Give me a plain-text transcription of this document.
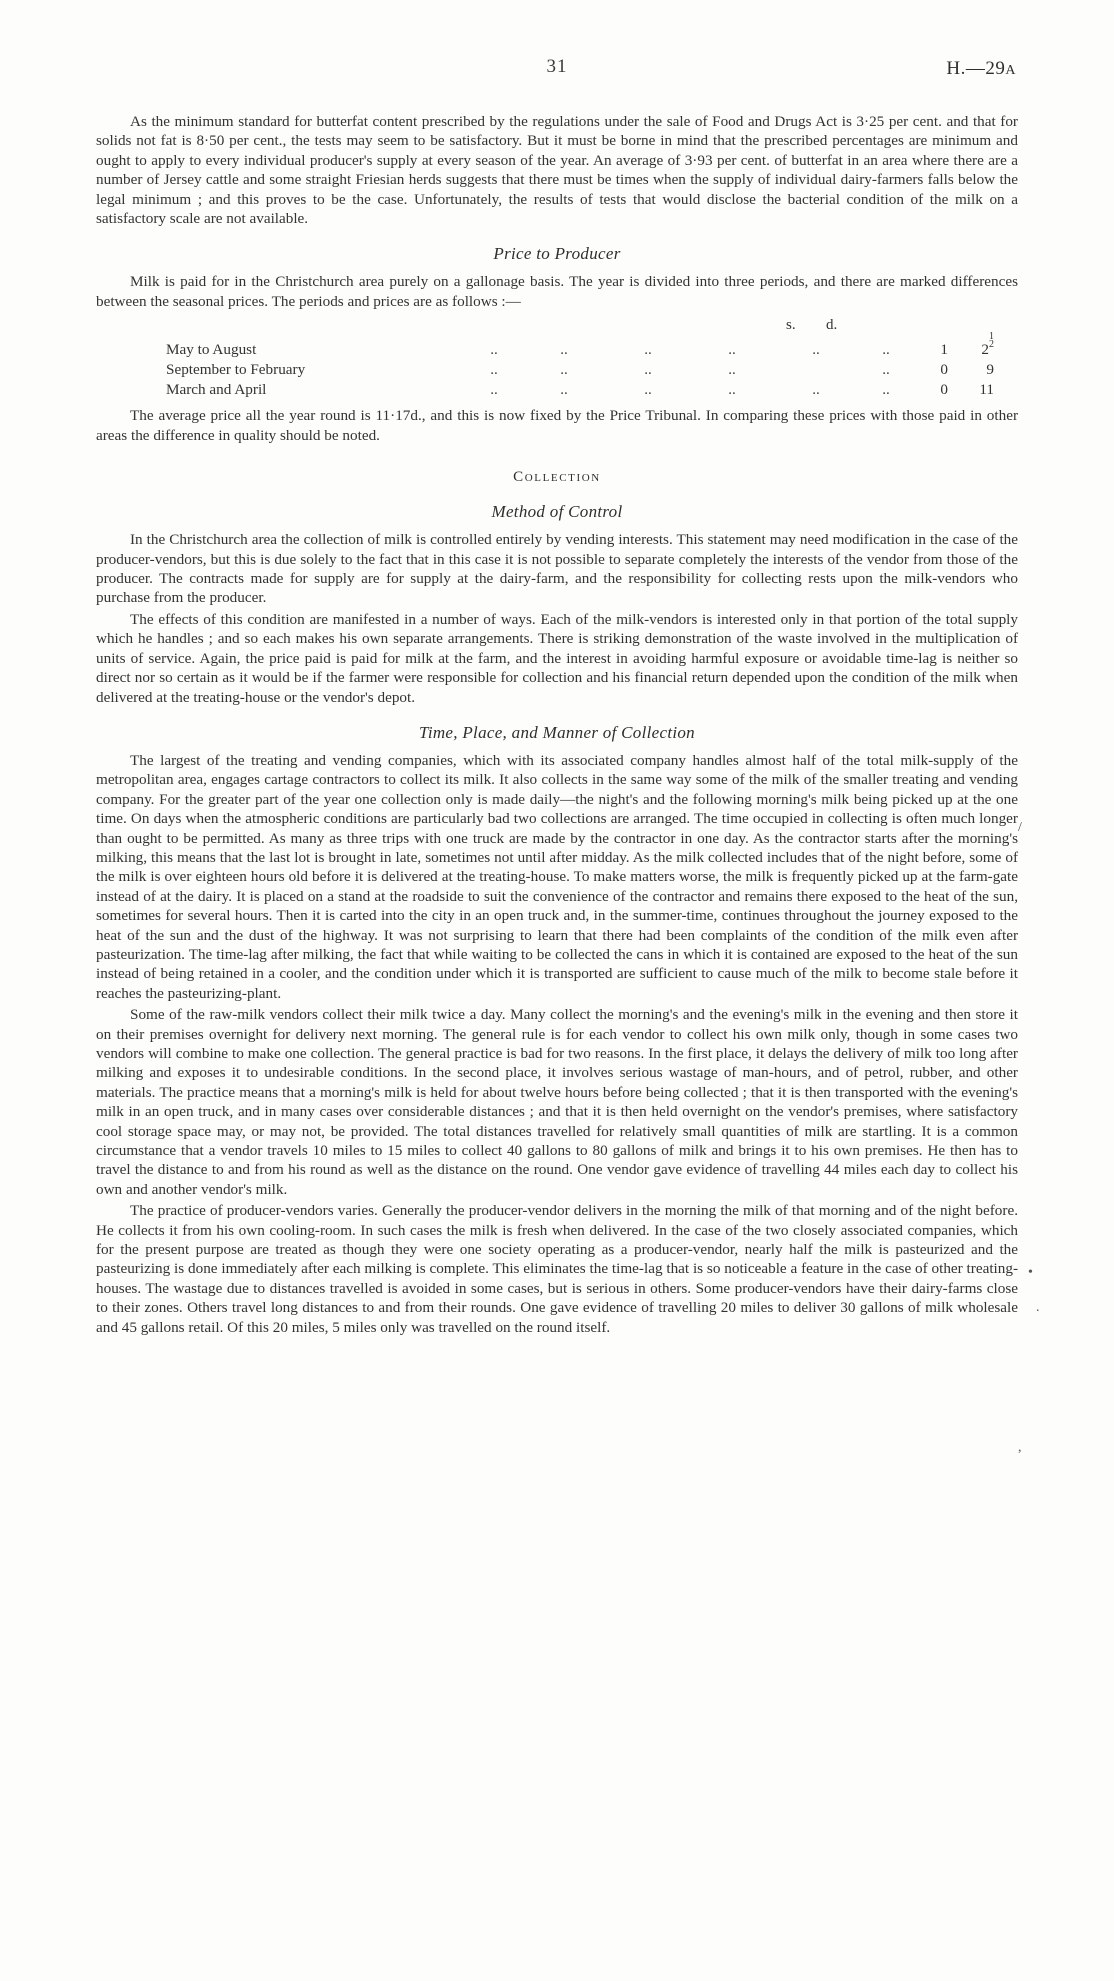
31	H.—29A

As the minimum standard for butterfat content prescribed by the regulations under the sale of Food and Drugs Act is 3·25 per cent. and that for solids not fat is 8·50 per cent., the tests may seem to be satisfactory. But it must be borne in mind that the prescribed percentages are minimum and ought to apply to every individual producer's supply at every season of the year. An average of 3·93 per cent. of butterfat in an area where there are a number of Jersey cattle and some straight Friesian herds suggests that there must be times when the supply of individual dairy-farmers falls below the legal minimum ; and this proves to be the case. Unfortunately, the results of tests that would disclose the bacterial condition of the milk on a satisfactory scale are not available.

Price to Producer

Milk is paid for in the Christchurch area purely on a gallonage basis. The year is divided into three periods, and there are marked differences between the seasonal prices. The periods and prices are as follows :—

s. d.
May to August	..	..	..	..	..	..	1	2
1
2

September to February	..	..	..	..		..	0	9
March and April	..	..	..	..	..	..	0	11

The average price all the year round is 11·17d., and this is now fixed by the Price Tribunal. In comparing these prices with those paid in other areas the difference in quality should be noted.

Collection
Method of Control

In the Christchurch area the collection of milk is controlled entirely by vending interests. This statement may need modification in the case of the producer-vendors, but this is due solely to the fact that in this case it is not possible to separate completely the interests of the vendor from those of the producer. The contracts made for supply are for supply at the dairy-farm, and the responsibility for collecting rests upon the milk-vendors who purchase from the producer.

The effects of this condition are manifested in a number of ways. Each of the milk-vendors is interested only in that portion of the total supply which he handles ; and so each makes his own separate arrangements. There is striking demonstration of the waste involved in the multiplication of units of service. Again, the price paid is paid for milk at the farm, and the interest in avoiding harmful exposure or avoidable time-lag is neither so direct nor so certain as it would be if the farmer were responsible for collection and his financial return depended upon the condition of the milk when delivered at the treating-house or the vendor's depot.

Time, Place, and Manner of Collection

The largest of the treating and vending companies, which with its associated company handles almost half of the total milk-supply of the metropolitan area, engages cartage contractors to collect its milk. It also collects in the same way some of the milk of the smaller treating and vending company. For the greater part of the year one collection only is made daily—the night's and the following morning's milk being picked up at the one time. On days when the atmospheric conditions are particularly bad two collections are arranged. The time occupied in collecting is often much longer than ought to be permitted. As many as three trips with one truck are made by the contractor in one day. As the contractor starts after the morning's milking, this means that the last lot is brought in late, sometimes not until after midday. As the milk collected includes that of the night before, some of the milk is over eighteen hours old before it is delivered at the treating-house. To make matters worse, the milk is frequently picked up at the farm-gate instead of at the dairy. It is placed on a stand at the roadside to suit the convenience of the contractor and remains there exposed to the heat of the sun, sometimes for several hours. Then it is carted into the city in an open truck and, in the summer-time, continues throughout the journey exposed to the heat of the sun and the dust of the highway. It was not surprising to learn that there had been complaints of the condition of the milk even after pasteurization. The time-lag after milking, the fact that while waiting to be collected the cans in which it is contained are exposed to the heat of the sun instead of being retained in a cooler, and the condition under which it is transported are sufficient to cause much of the milk to become stale before it reaches the pasteurizing-plant.

Some of the raw-milk vendors collect their milk twice a day. Many collect the morning's and the evening's milk in the evening and then store it on their premises overnight for delivery next morning. The general rule is for each vendor to collect his own milk only, though in some cases two vendors will combine to make one collection. The general practice is bad for two reasons. In the first place, it delays the delivery of milk too long after milking and exposes it to undesirable conditions. In the second place, it involves serious wastage of man-hours, and of petrol, rubber, and other materials. The practice means that a morning's milk is held for about twelve hours before being collected ; that it is then transported with the evening's milk in an open truck, and in many cases over considerable distances ; and that it is then held overnight on the vendor's premises, where satisfactory cool storage space may, or may not, be provided. The total distances travelled for relatively small quantities of milk are startling. It is a common circumstance that a vendor travels 10 miles to 15 miles to collect 40 gallons to 80 gallons of milk and brings it to his own premises. He then has to travel the distance to and from his round as well as the distance on the round. One vendor gave evidence of travelling 44 miles each day to collect his own and another vendor's milk.

The practice of producer-vendors varies. Generally the producer-vendor delivers in the morning the milk of that morning and of the night before. He collects it from his own cooling-room. In such cases the milk is fresh when delivered. In the case of the two closely associated companies, which for the present purpose are treated as though they were one society operating as a producer-vendor, nearly half the milk is pasteurized and the pasteurizing is done immediately after each milking is complete. This eliminates the time-lag that is so noticeable a feature in the case of other treating-houses. The wastage due to distances travelled is avoided in some cases, but is serious in others. Some producer-vendors have their dairy-farms close to their zones. Others travel long distances to and from their rounds. One gave evidence of travelling 20 miles to deliver 30 gallons of milk wholesale and 45 gallons retail. Of this 20 miles, 5 miles only was travelled on the round itself.

/
•
.
,
